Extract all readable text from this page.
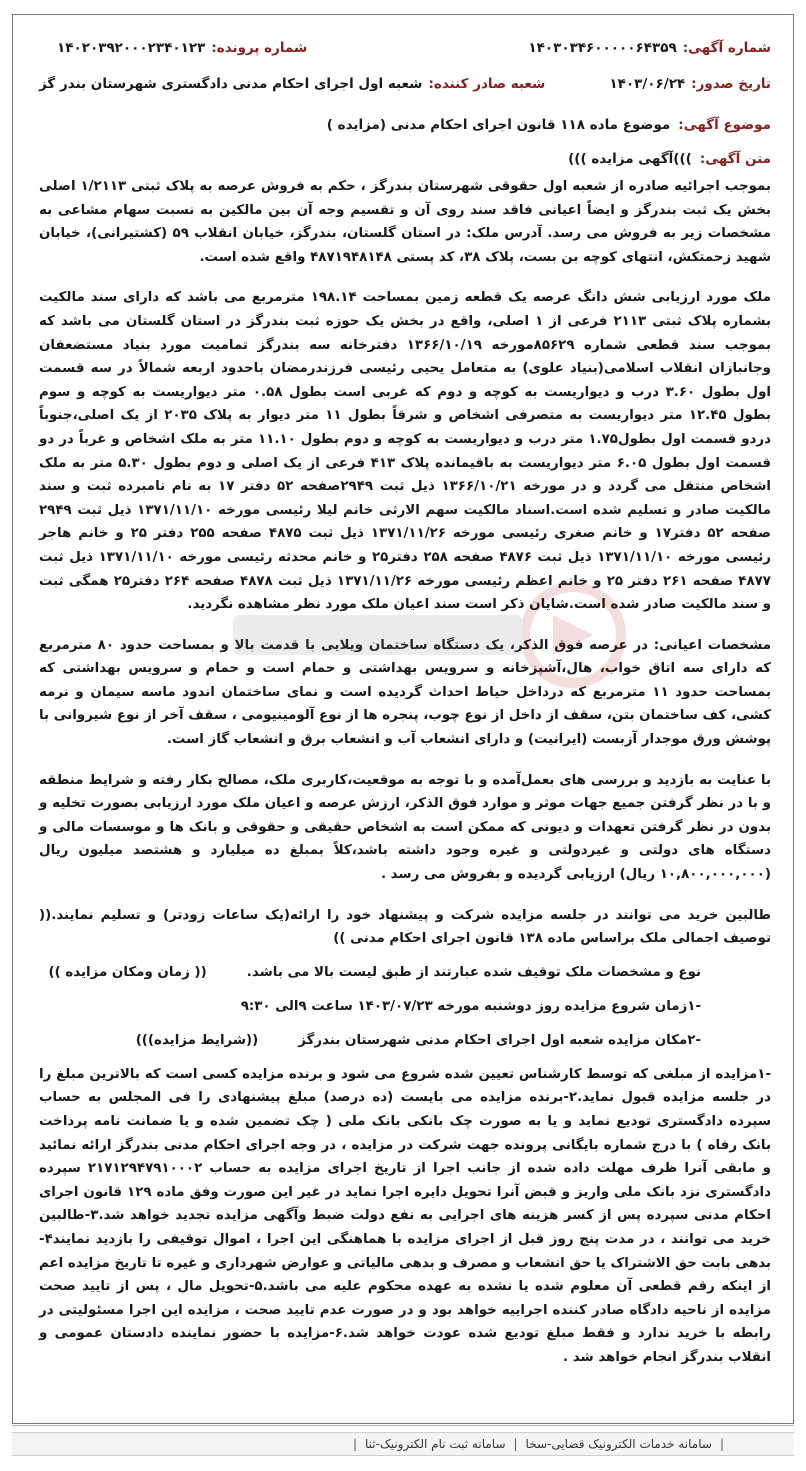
شماره آگهی:
۱۴۰۳۰۳۴۶۰۰۰۰۰۶۴۳۵۹
شماره پرونده:
۱۴۰۲۰۳۹۲۰۰۰۲۳۴۰۱۲۳
تاریخ صدور:
۱۴۰۳/۰۶/۲۴
شعبه صادر کننده:
شعبه اول اجرای احکام مدنی دادگستری شهرستان بندر گز
موضوع آگهی:
موضوع ماده ۱۱۸ قانون اجرای احکام مدنی (مزایده )
متن آگهی:
)))آگهی مزایده )))

بموجب اجرائیه صادره از شعبه اول حقوقی شهرستان بندرگز ، حکم به فروش عرصه به پلاک ثبتی ۱/۲۱۱۳ اصلی بخش یک ثبت بندرگز و ایضاً اعیانی فاقد سند روی آن و تقسیم وجه آن بین مالکین به نسبت سهام مشاعی به مشخصات زیر به فروش می رسد. آدرس ملک: در استان گلستان، بندرگز، خیابان انقلاب ۵۹ (کشتیرانی)، خیابان شهید زحمتکش، انتهای کوچه بن بست، پلاک ۳۸، کد پستی ۴۸۷۱۹۴۸۱۴۸ واقع شده است.

ملک مورد ارزیابی شش دانگ عرصه یک قطعه زمین بمساحت ۱۹۸.۱۴ مترمربع می باشد که دارای سند مالکیت بشماره پلاک ثبتی ۲۱۱۳ فرعی از ۱ اصلی، واقع در بخش یک حوزه ثبت بندرگز در استان گلستان می باشد که بموجب سند قطعی شماره ۸۵۶۲۹مورخه ۱۳۶۶/۱۰/۱۹ دفترخانه سه بندرگز تمامیت مورد بنیاد مستضعفان وجانبازان انقلاب اسلامی(بنیاد علوی) به متعامل یحیی رئیسی فرزندرمضان باحدود اربعه شمالاً در سه قسمت اول بطول ۳.۶۰ درب و دیواریست به کوچه و دوم که غربی است بطول ۰.۵۸ متر دیواریست به کوچه و سوم بطول ۱۲.۴۵ متر دیواریست به متصرفی اشخاص و شرقاً بطول ۱۱ متر دیوار به پلاک ۲۰۳۵ از یک اصلی،جنوباً دردو قسمت اول بطول۱.۷۵ متر درب و دیواریست به کوچه و دوم بطول ۱۱.۱۰ متر به ملک اشخاص و غرباً در دو قسمت اول بطول ۶.۰۵ متر دیواریست به باقیمانده پلاک ۴۱۳ فرعی از یک اصلی و دوم بطول ۵.۳۰ متر به ملک اشخاص منتقل می گردد و در مورخه ۱۳۶۶/۱۰/۲۱ ذیل ثبت ۲۹۴۹صفحه ۵۲ دفتر ۱۷ به نام نامبرده ثبت و سند مالکیت صادر و تسلیم شده است.اسناد مالکیت سهم الارثی خانم لیلا رئیسی مورخه ۱۳۷۱/۱۱/۱۰ ذیل ثبت ۲۹۴۹ صفحه ۵۲ دفتر۱۷ و خانم صغری رئیسی مورخه ۱۳۷۱/۱۱/۲۶ ذیل ثبت ۴۸۷۵ صفحه ۲۵۵ دفتر ۲۵ و خانم هاجر رئیسی مورخه ۱۳۷۱/۱۱/۱۰ ذیل ثبت ۴۸۷۶ صفحه ۲۵۸ دفتر۲۵ و خانم محدثه رئیسی مورخه ۱۳۷۱/۱۱/۱۰ ذیل ثبت ۴۸۷۷ صفحه ۲۶۱ دفتر ۲۵ و خانم اعظم رئیسی مورخه ۱۳۷۱/۱۱/۲۶ ذیل ثبت ۴۸۷۸ صفحه ۲۶۴ دفتر۲۵ همگی ثبت و سند مالکیت صادر شده است.شایان ذکر است سند اعیان ملک مورد نظر مشاهده نگردید.

مشخصات اعیانی: در عرصه فوق الذکر، یک دستگاه ساختمان ویلایی با قدمت بالا و بمساحت حدود ۸۰ مترمربع که دارای سه اتاق خواب، هال،آشپزخانه و سرویس بهداشتی و حمام است و حمام و سرویس بهداشتی که بمساحت حدود ۱۱ مترمربع که درداخل حیاط احداث گردیده است و نمای ساختمان اندود ماسه سیمان و نرمه کشی، کف ساختمان بتن، سقف از داخل از نوع چوب، پنجره ها از نوع آلومینیومی ، سقف آخر از نوع شیروانی با پوشش ورق موجدار آزبست (ایرانیت) و دارای انشعاب آب و انشعاب برق و انشعاب گاز است.

با عنایت به بازدید و بررسی های بعمل‌آمده و با توجه به موقعیت،کاربری ملک، مصالح بکار رفته و شرایط منطقه و با در نظر گرفتن جمیع جهات موثر و موارد فوق الذکر، ارزش عرصه و اعیان ملک مورد ارزیابی بصورت تخلیه و بدون در نظر گرفتن تعهدات و دیونی که ممکن است به اشخاص حقیقی و حقوقی و بانک ها و موسسات مالی و دستگاه های دولتی و غیردولتی و غیره وجود داشته باشد،کلاً بمبلغ ده میلیارد و هشتصد میلیون ریال (۱۰,۸۰۰,۰۰۰,۰۰۰ ریال) ارزیابی گردیده و بفروش می رسد .

طالبین خرید می توانند در جلسه مزایده شرکت و پیشنهاد خود را ارائه(یک ساعات زودتر) و تسلیم نمایند.(( توصیف اجمالی ملک براساس ماده ۱۳۸ قانون اجرای احکام مدنی ))

نوع و مشخصات ملک توقیف شده عبارتند از طبق لیست بالا می باشد.
(( زمان ومکان مزایده ))
-۱زمان شروع مزایده روز دوشنبه مورخه ۱۴۰۳/۰۷/۲۳ ساعت ۹الی ۹:۳۰
-۲مکان مزایده شعبه اول اجرای احکام مدنی شهرستان بندرگز
((شرایط مزایده)))

-۱مزایده از مبلغی که توسط کارشناس تعیین شده شروع می شود و برنده مزایده کسی است که بالاترین مبلغ را در جلسه مزایده قبول نماید.۲-برنده مزایده می بایست (ده درصد) مبلغ پیشنهادی را فی المجلس به حساب سپرده دادگستری تودیع نماید و یا به صورت چک بانکی بانک ملی ( چک تضمین شده و یا ضمانت نامه پرداخت بانک رفاه ) با درج شماره بایگانی پرونده جهت شرکت در مزایده ، در وجه اجرای احکام مدنی بندرگز ارائه نمائید و مابقی آنرا ظرف مهلت داده شده از جانب اجرا از تاریخ اجرای مزایده به حساب ۲۱۷۱۲۹۴۷۹۱۰۰۰۲ سپرده دادگستری نزد بانک ملی واریز و قبض آنرا تحویل دایره اجرا نماید در غیر این صورت وفق ماده ۱۲۹ قانون اجرای احکام مدنی سپرده پس از کسر هزینه های اجرایی به نفع دولت ضبط وآگهی مزایده تجدید خواهد شد.۳-طالبین خرید می توانند ، در مدت پنج روز قبل از اجرای مزایده با هماهنگی این اجرا ، اموال توقیفی را بازدید نمایند۴-بدهی بابت حق الاشتراک یا حق انشعاب و مصرف و بدهی مالیاتی و عوارض شهرداری و غیره تا تاریخ مزایده اعم از اینکه رقم قطعی آن معلوم شده یا نشده به عهده محکوم علیه می باشد.۵-تحویل مال ، پس از تایید صحت مزایده از ناحیه دادگاه صادر کننده اجراییه خواهد بود و در صورت عدم تایید صحت ، مزایده این اجرا مسئولیتی در رابطه با خرید ندارد و فقط مبلغ تودیع شده عودت خواهد شد.۶-مزایده با حضور نماینده دادستان عمومی و انقلاب بندرگز انجام خواهد شد .

|
سامانه خدمات الکترونیک قضایی-سخا
|
سامانه ثبت نام الکترونیک-ثنا
|
